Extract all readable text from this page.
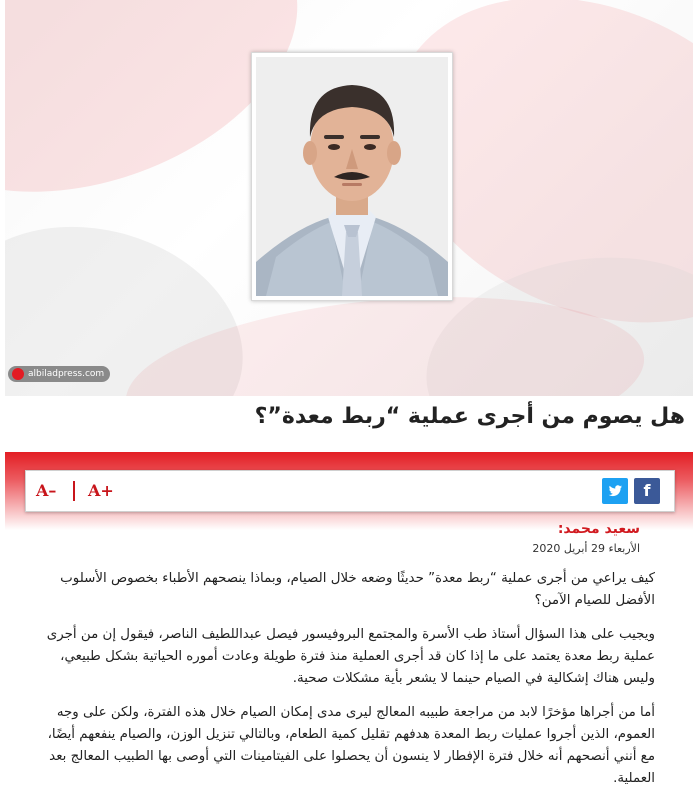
albiladpress.com
هل يصوم من أجرى عملية “ربط معدة”؟
A– A+	f
سعيد محمد:
الأربعاء 29 أبريل 2020

كيف يراعي من أجرى عملية “ربط معدة” حديثًا وضعه خلال الصيام، وبماذا ينصحهم الأطباء بخصوص الأسلوب الأفضل للصيام الآمن؟

ويجيب على هذا السؤال أستاذ طب الأسرة والمجتمع البروفيسور فيصل عبداللطيف الناصر، فيقول إن من أجرى عملية ربط معدة يعتمد على ما إذا كان قد أجرى العملية منذ فترة طويلة وعادت أموره الحياتية بشكل طبيعي، وليس هناك إشكالية في الصيام حينما لا يشعر بأية مشكلات صحية.

أما من أجراها مؤخرًا لابد من مراجعة طبيبه المعالج ليرى مدى إمكان الصيام خلال هذه الفترة، ولكن على وجه العموم، الذين أجروا عمليات ربط المعدة هدفهم تقليل كمية الطعام، وبالتالي تنزيل الوزن، والصيام ينفعهم أيضًا، مع أنني أنصحهم أنه خلال فترة الإفطار لا ينسون أن يحصلوا على الفيتامينات التي أوصى بها الطبيب المعالج بعد العملية.
